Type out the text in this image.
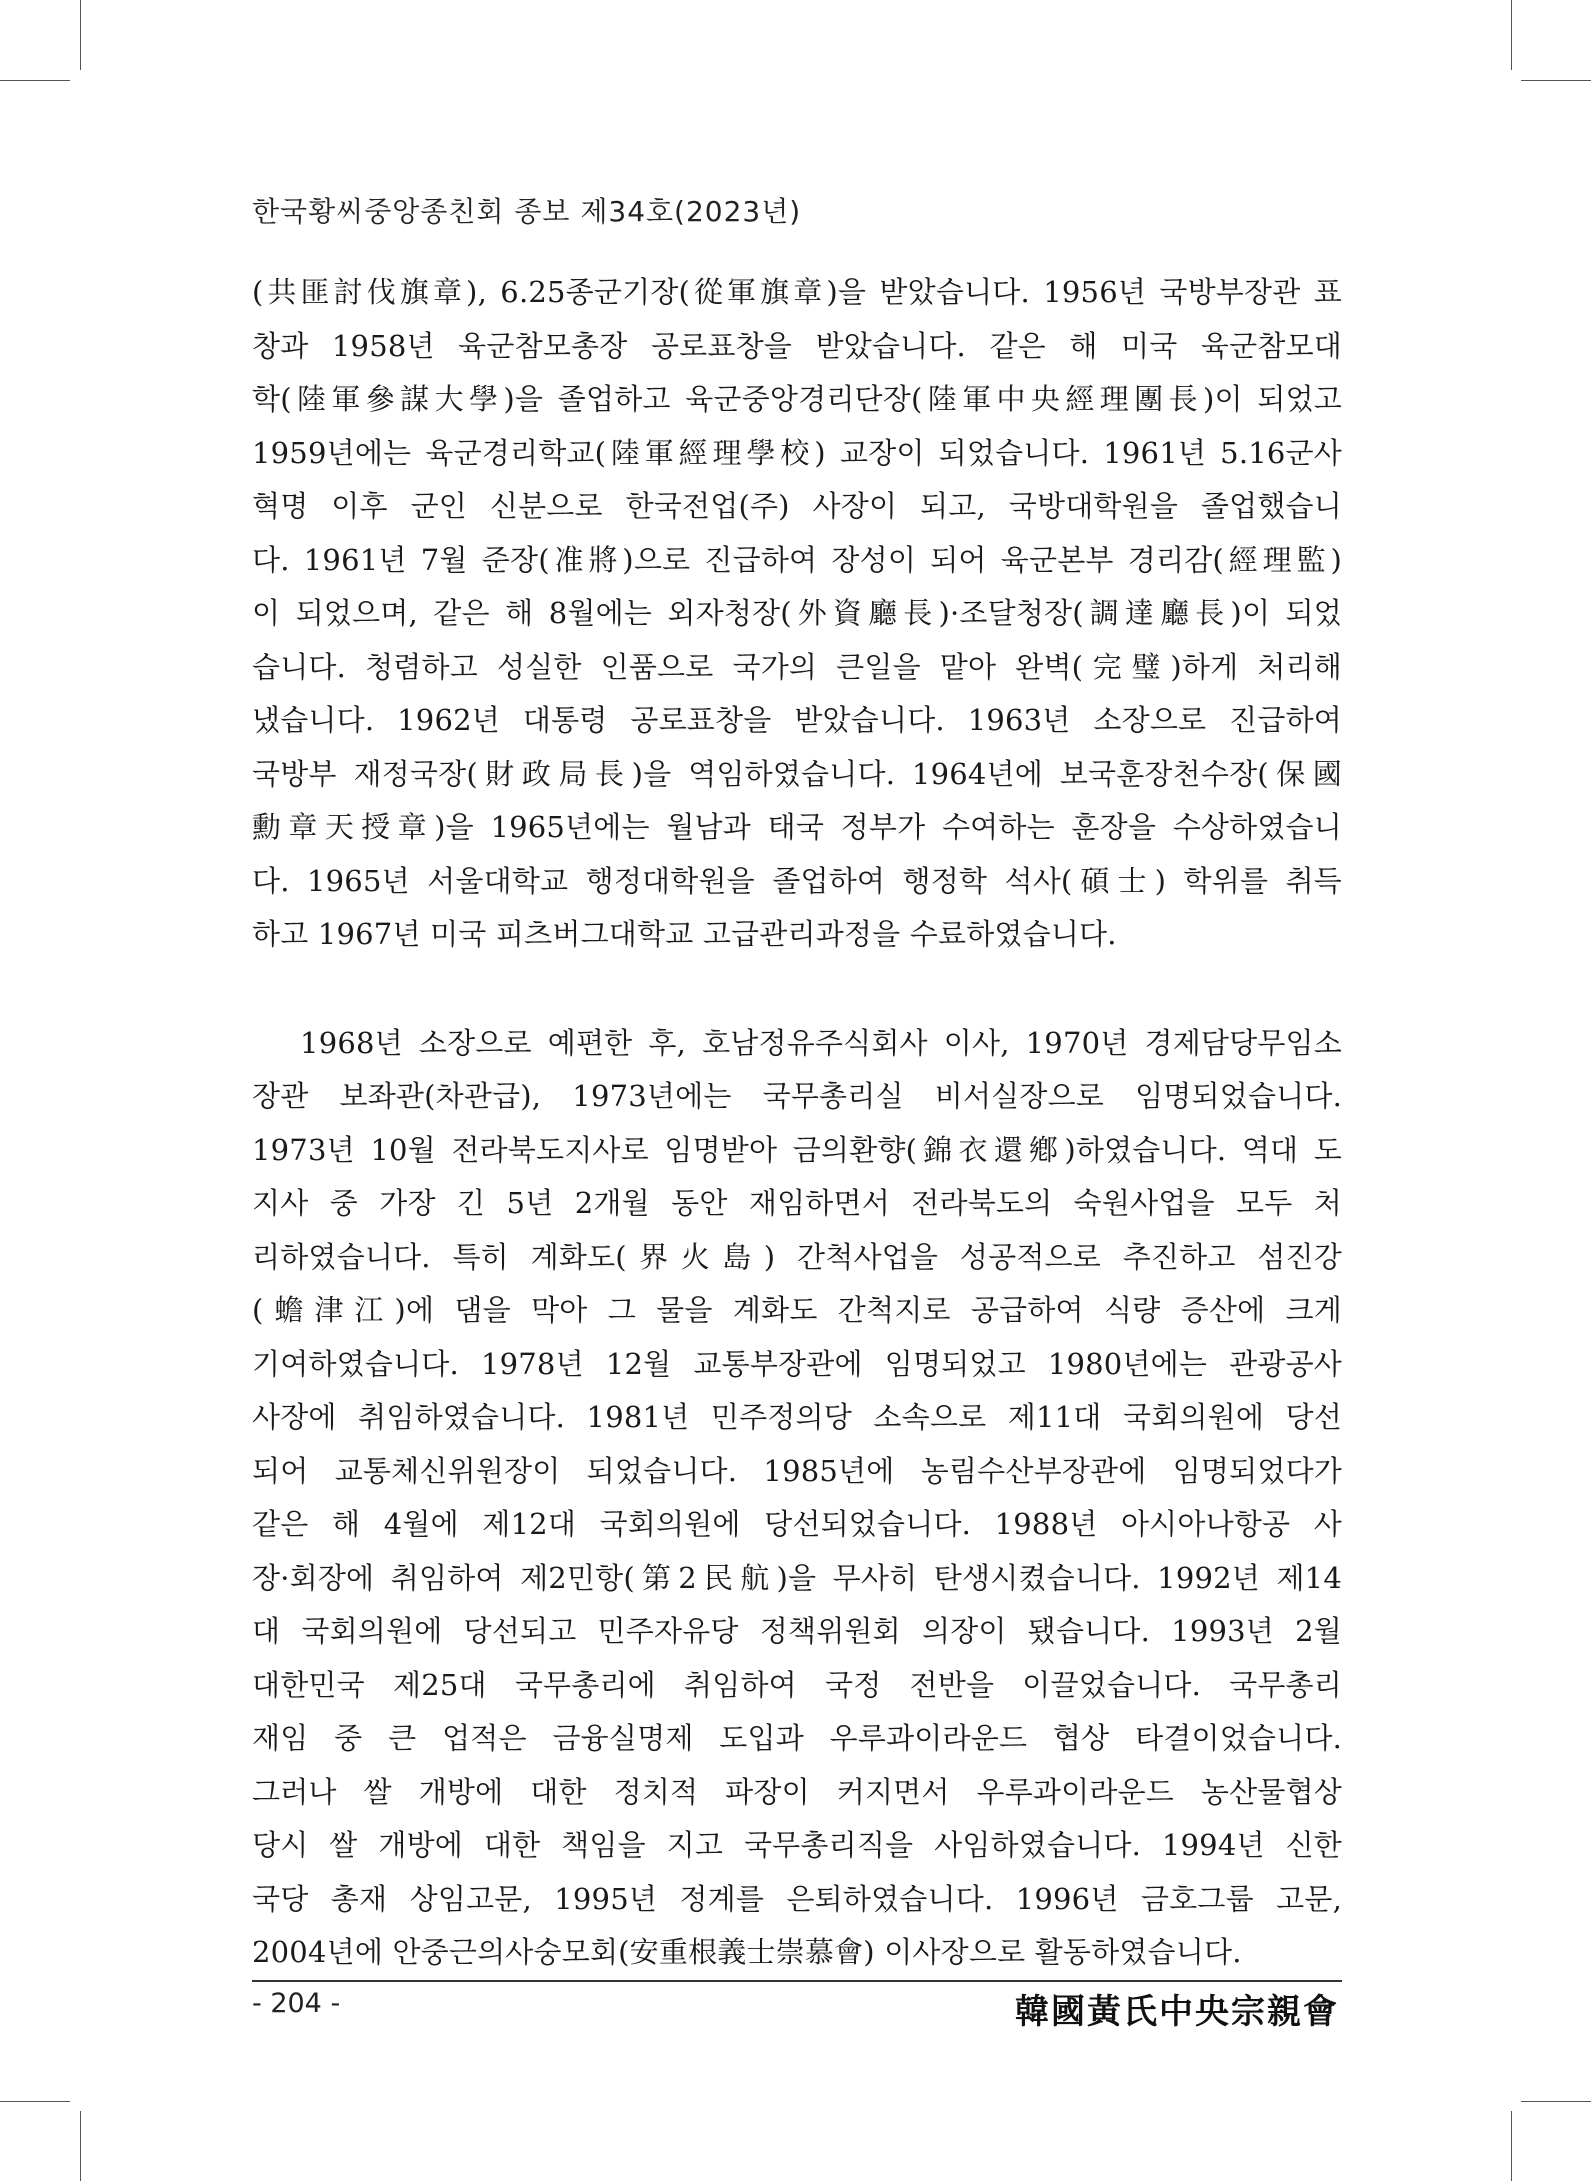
한국황씨중앙종친회 종보 제34호(2023년)
(共匪討伐旗章), 6.25종군기장(從軍旗章)을 받았습니다. 1956년 국방부장관 표
창과 1958년 육군참모총장 공로표창을 받았습니다. 같은 해 미국 육군참모대
학(陸軍參謀大學)을 졸업하고 육군중앙경리단장(陸軍中央經理團長)이 되었고
1959년에는 육군경리학교(陸軍經理學校) 교장이 되었습니다. 1961년 5.16군사
혁명 이후 군인 신분으로 한국전업(주) 사장이 되고, 국방대학원을 졸업했습니
다. 1961년 7월 준장(准將)으로 진급하여 장성이 되어 육군본부 경리감(經理監)
이 되었으며, 같은 해 8월에는 외자청장(外資廳長)·조달청장(調達廳長)이 되었
습니다. 청렴하고 성실한 인품으로 국가의 큰일을 맡아 완벽(完璧)하게 처리해
냈습니다. 1962년 대통령 공로표창을 받았습니다. 1963년 소장으로 진급하여
국방부 재정국장(財政局長)을 역임하였습니다. 1964년에 보국훈장천수장(保國
勳章天授章)을 1965년에는 월남과 태국 정부가 수여하는 훈장을 수상하였습니
다. 1965년 서울대학교 행정대학원을 졸업하여 행정학 석사(碩士) 학위를 취득
하고 1967년 미국 피츠버그대학교 고급관리과정을 수료하였습니다.
1968년 소장으로 예편한 후, 호남정유주식회사 이사, 1970년 경제담당무임소
장관 보좌관(차관급), 1973년에는 국무총리실 비서실장으로 임명되었습니다.
1973년 10월 전라북도지사로 임명받아 금의환향(錦衣還鄕)하였습니다. 역대 도
지사 중 가장 긴 5년 2개월 동안 재임하면서 전라북도의 숙원사업을 모두 처
리하였습니다. 특히 계화도(界火島) 간척사업을 성공적으로 추진하고 섬진강
(蟾津江)에 댐을 막아 그 물을 계화도 간척지로 공급하여 식량 증산에 크게
기여하였습니다. 1978년 12월 교통부장관에 임명되었고 1980년에는 관광공사
사장에 취임하였습니다. 1981년 민주정의당 소속으로 제11대 국회의원에 당선
되어 교통체신위원장이 되었습니다. 1985년에 농림수산부장관에 임명되었다가
같은 해 4월에 제12대 국회의원에 당선되었습니다. 1988년 아시아나항공 사
장·회장에 취임하여 제2민항(第2民航)을 무사히 탄생시켰습니다. 1992년 제14
대 국회의원에 당선되고 민주자유당 정책위원회 의장이 됐습니다. 1993년 2월
대한민국 제25대 국무총리에 취임하여 국정 전반을 이끌었습니다. 국무총리
재임 중 큰 업적은 금융실명제 도입과 우루과이라운드 협상 타결이었습니다.
그러나 쌀 개방에 대한 정치적 파장이 커지면서 우루과이라운드 농산물협상
당시 쌀 개방에 대한 책임을 지고 국무총리직을 사임하였습니다. 1994년 신한
국당 총재 상임고문, 1995년 정계를 은퇴하였습니다. 1996년 금호그룹 고문,
2004년에 안중근의사숭모회(安重根義士崇慕會) 이사장으로 활동하였습니다.
- 204 -	韓國黃氏中央宗親會
